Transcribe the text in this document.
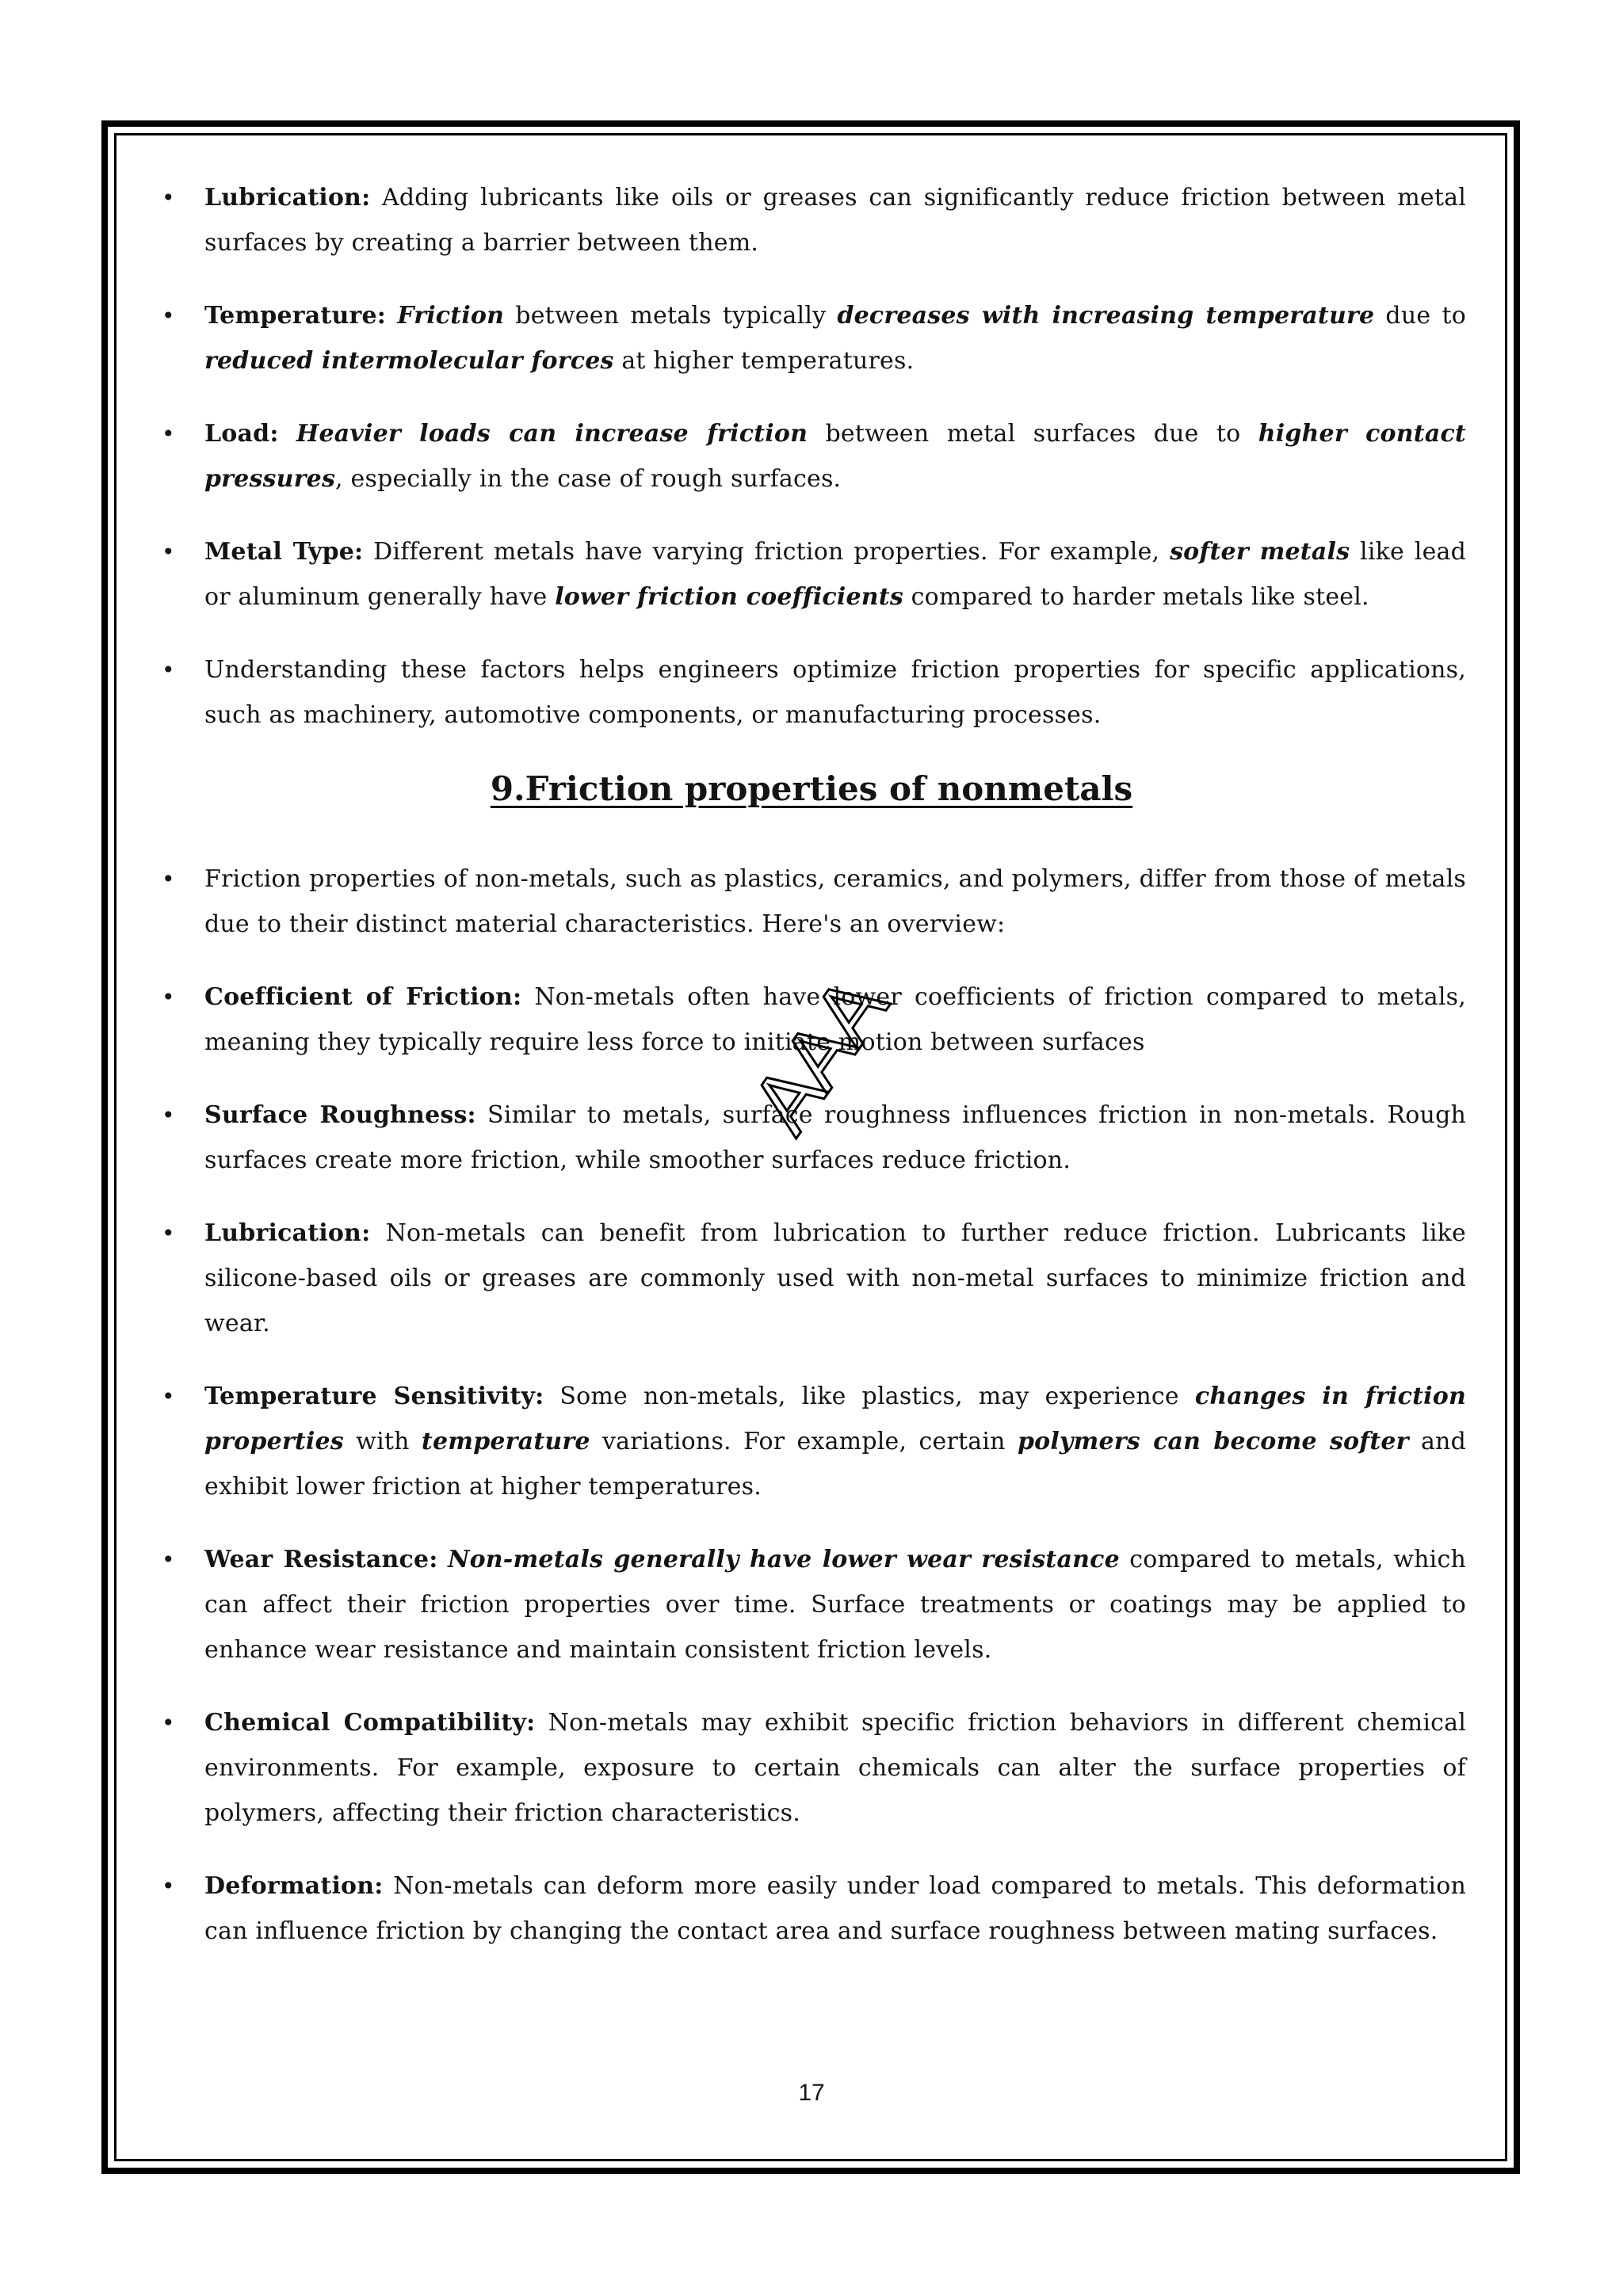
• Lubrication: Adding lubricants like oils or greases can significantly reduce friction between metal surfaces by creating a barrier between them.
• Temperature: Friction between metals typically decreases with increasing temperature due to reduced intermolecular forces at higher temperatures.
• Load: Heavier loads can increase friction between metal surfaces due to higher contact pressures, especially in the case of rough surfaces.
• Metal Type: Different metals have varying friction properties. For example, softer metals like lead or aluminum generally have lower friction coefficients compared to harder metals like steel.
• Understanding these factors helps engineers optimize friction properties for specific applications, such as machinery, automotive components, or manufacturing processes.
9.Friction properties of nonmetals
• Friction properties of non-metals, such as plastics, ceramics, and polymers, differ from those of metals due to their distinct material characteristics. Here's an overview:
• Coefficient of Friction: Non-metals often have lower coefficients of friction compared to metals, meaning they typically require less force to initiate motion between surfaces
• Surface Roughness: Similar to metals, surface roughness influences friction in non-metals. Rough surfaces create more friction, while smoother surfaces reduce friction.
• Lubrication: Non-metals can benefit from lubrication to further reduce friction. Lubricants like silicone-based oils or greases are commonly used with non-metal surfaces to minimize friction and wear.
• Temperature Sensitivity: Some non-metals, like plastics, may experience changes in friction properties with temperature variations. For example, certain polymers can become softer and exhibit lower friction at higher temperatures.
• Wear Resistance: Non-metals generally have lower wear resistance compared to metals, which can affect their friction properties over time. Surface treatments or coatings may be applied to enhance wear resistance and maintain consistent friction levels.
• Chemical Compatibility: Non-metals may exhibit specific friction behaviors in different chemical environments. For example, exposure to certain chemicals can alter the surface properties of polymers, affecting their friction characteristics.
• Deformation: Non-metals can deform more easily under load compared to metals. This deformation can influence friction by changing the contact area and surface roughness between mating surfaces.
17
AAA
